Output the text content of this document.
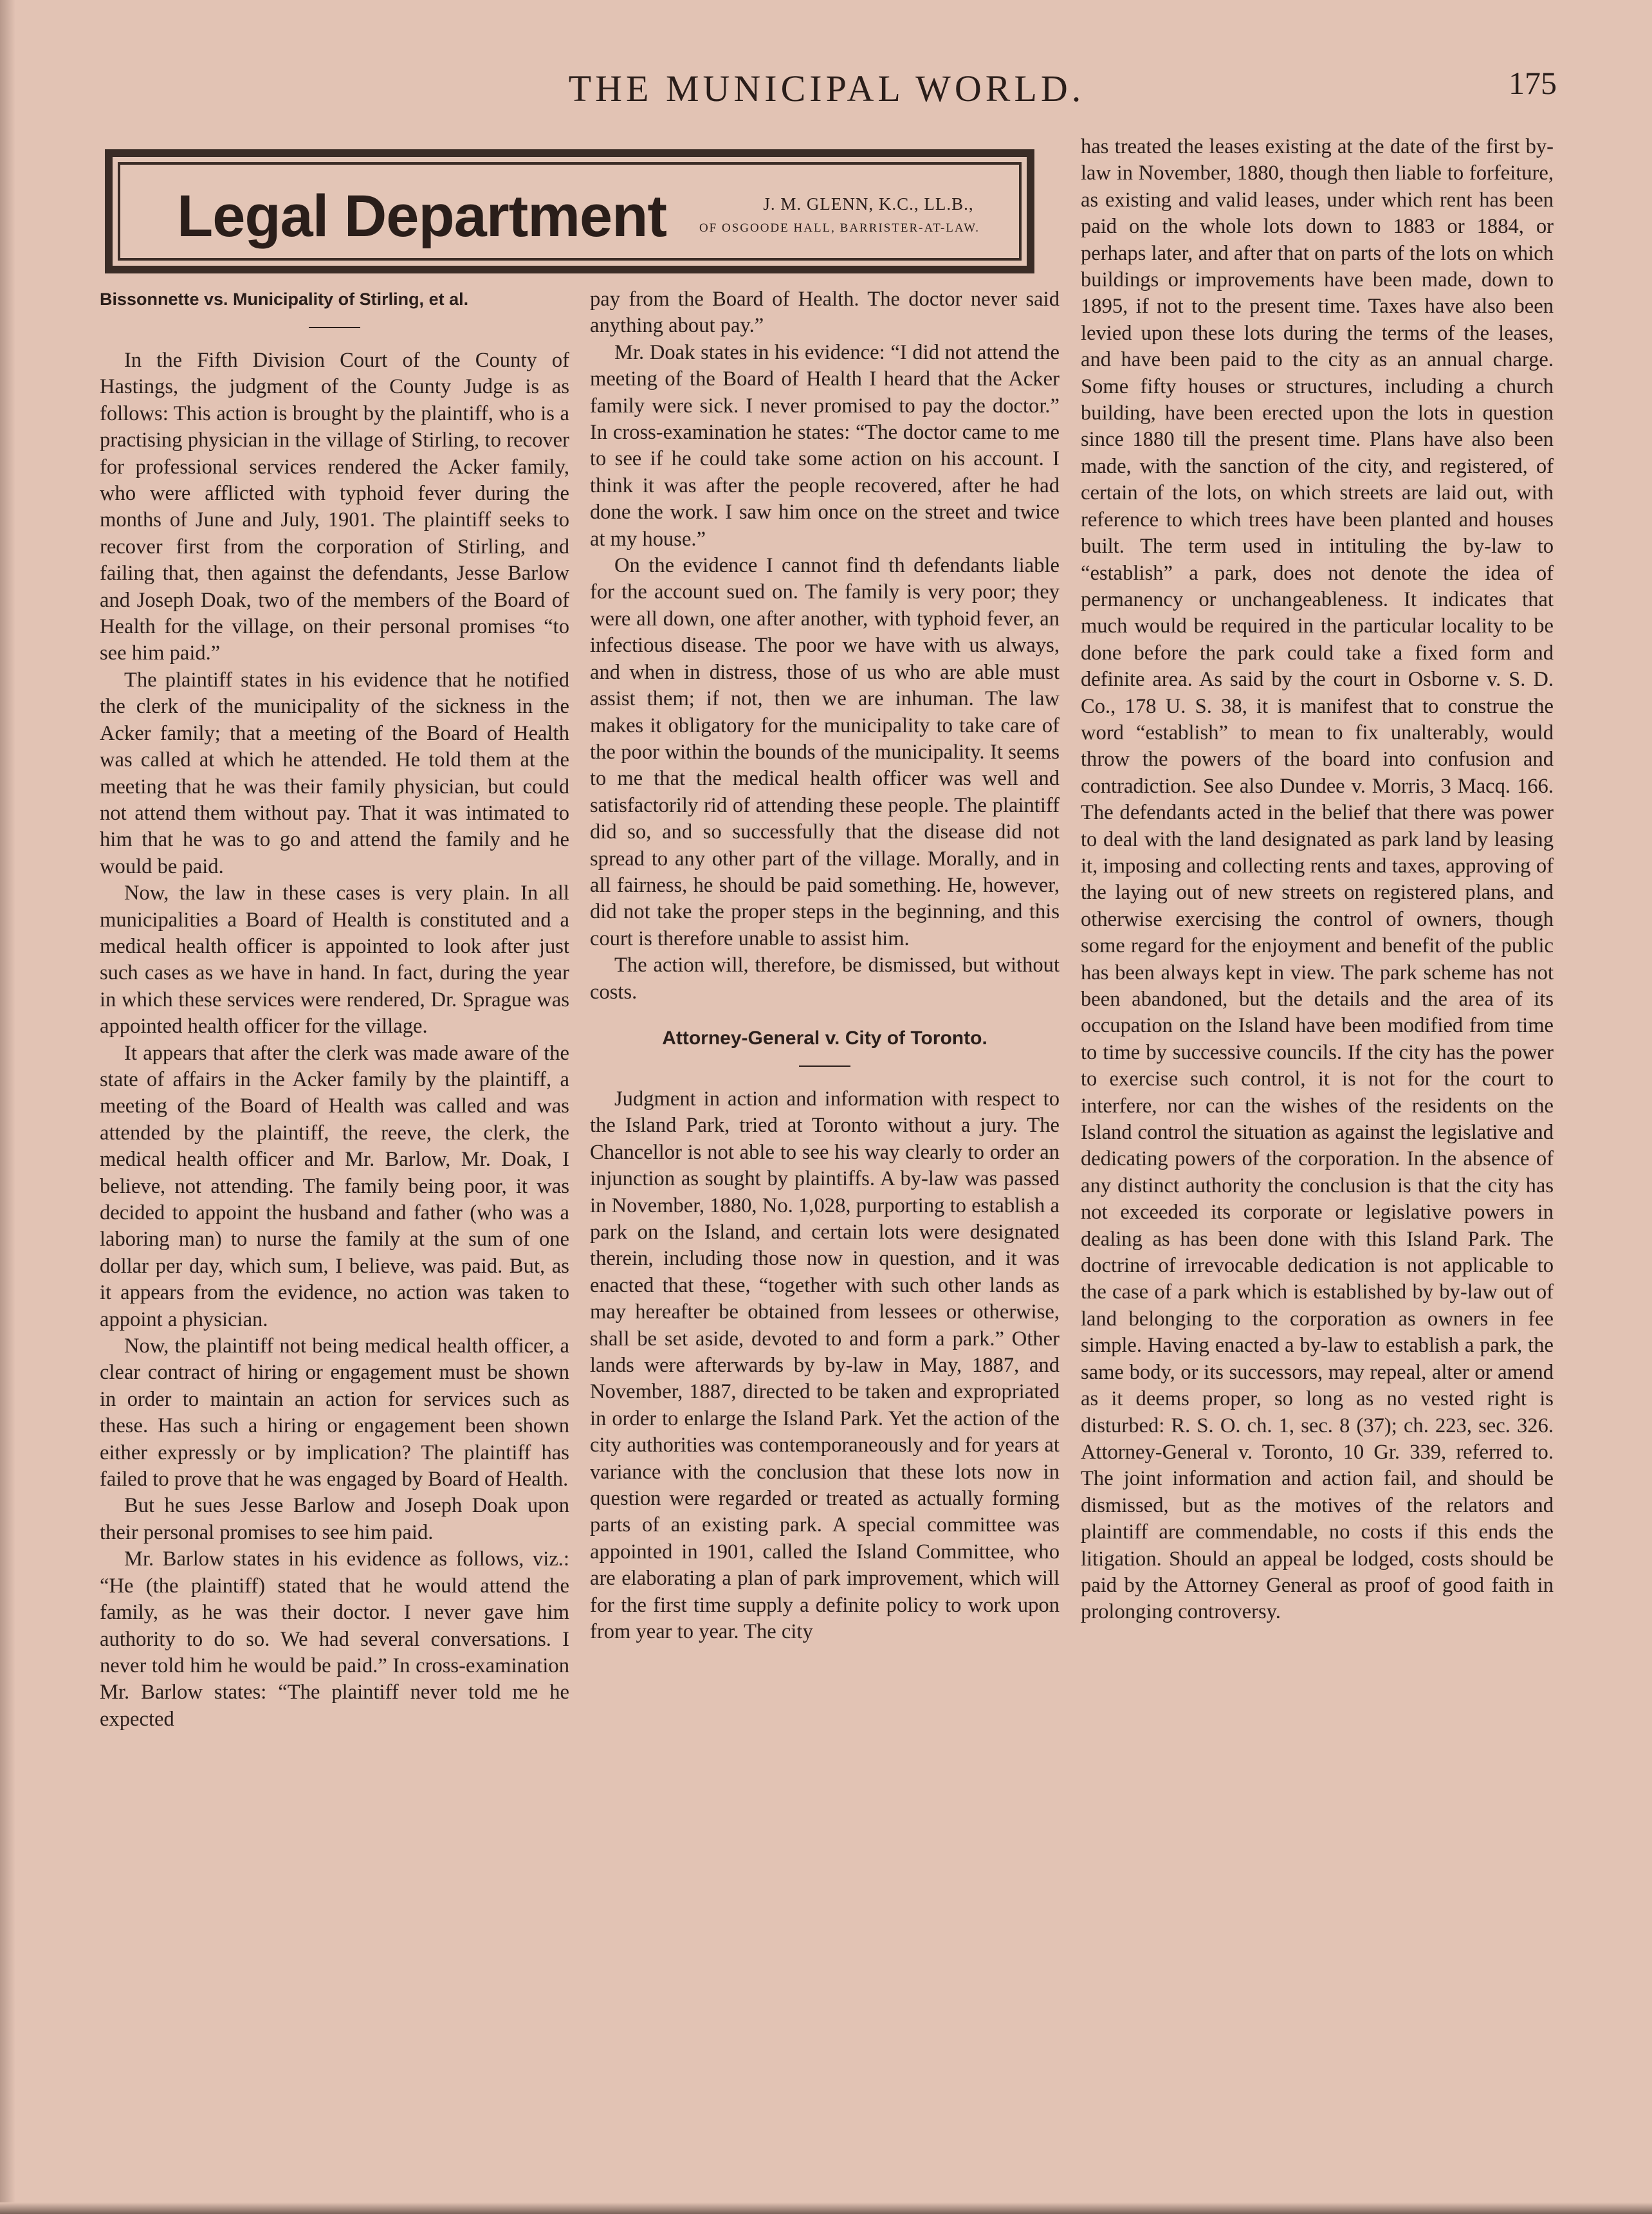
THE MUNICIPAL WORLD.	175
Legal Department	J. M. GLENN, K.C., LL.B.,
OF OSGOODE HALL, BARRISTER-AT-LAW.
Bissonnette vs. Municipality of Stirling, et al.

In the Fifth Division Court of the County of Hastings, the judgment of the County Judge is as follows: This action is brought by the plaintiff, who is a practising physician in the village of Stirling, to recover for professional services rendered the Acker family, who were afflicted with typhoid fever during the months of June and July, 1901. The plaintiff seeks to recover first from the corporation of Stirling, and failing that, then against the defendants, Jesse Barlow and Joseph Doak, two of the members of the Board of Health for the village, on their personal promises “to see him paid.”

The plaintiff states in his evidence that he notified the clerk of the municipality of the sickness in the Acker family; that a meeting of the Board of Health was called at which he attended. He told them at the meeting that he was their family physician, but could not attend them without pay. That it was intimated to him that he was to go and attend the family and he would be paid.

Now, the law in these cases is very plain. In all municipalities a Board of Health is constituted and a medical health officer is appointed to look after just such cases as we have in hand. In fact, during the year in which these services were rendered, Dr. Sprague was appointed health officer for the village.

It appears that after the clerk was made aware of the state of affairs in the Acker family by the plaintiff, a meeting of the Board of Health was called and was attended by the plaintiff, the reeve, the clerk, the medical health officer and Mr. Barlow, Mr. Doak, I believe, not attending. The family being poor, it was decided to appoint the husband and father (who was a laboring man) to nurse the family at the sum of one dollar per day, which sum, I believe, was paid. But, as it appears from the evidence, no action was taken to appoint a physician.

Now, the plaintiff not being medical health officer, a clear contract of hiring or engagement must be shown in order to maintain an action for services such as these. Has such a hiring or engagement been shown either expressly or by implication? The plaintiff has failed to prove that he was engaged by Board of Health.

But he sues Jesse Barlow and Joseph Doak upon their personal promises to see him paid.

Mr. Barlow states in his evidence as follows, viz.: “He (the plaintiff) stated that he would attend the family, as he was their doctor. I never gave him authority to do so. We had several conversations. I never told him he would be paid.” In cross-examination Mr. Barlow states: “The plaintiff never told me he expected

pay from the Board of Health. The doctor never said anything about pay.”

Mr. Doak states in his evidence: “I did not attend the meeting of the Board of Health I heard that the Acker family were sick. I never promised to pay the doctor.” In cross-examination he states: “The doctor came to me to see if he could take some action on his account. I think it was after the people recovered, after he had done the work. I saw him once on the street and twice at my house.”

On the evidence I cannot find th defendants liable for the account sued on. The family is very poor; they were all down, one after another, with typhoid fever, an infectious disease. The poor we have with us always, and when in distress, those of us who are able must assist them; if not, then we are inhuman. The law makes it obligatory for the municipality to take care of the poor within the bounds of the municipality. It seems to me that the medical health officer was well and satisfactorily rid of attending these people. The plaintiff did so, and so successfully that the disease did not spread to any other part of the village. Morally, and in all fairness, he should be paid something. He, however, did not take the proper steps in the beginning, and this court is therefore unable to assist him.

The action will, therefore, be dismissed, but without costs.

Attorney-General v. City of Toronto.

Judgment in action and information with respect to the Island Park, tried at Toronto without a jury. The Chancellor is not able to see his way clearly to order an injunction as sought by plaintiffs. A by-law was passed in November, 1880, No. 1,028, purporting to establish a park on the Island, and certain lots were designated therein, including those now in question, and it was enacted that these, “together with such other lands as may hereafter be obtained from lessees or otherwise, shall be set aside, devoted to and form a park.” Other lands were afterwards by by-law in May, 1887, and November, 1887, directed to be taken and expropriated in order to enlarge the Island Park. Yet the action of the city authorities was contemporaneously and for years at variance with the conclusion that these lots now in question were regarded or treated as actually forming parts of an existing park. A special committee was appointed in 1901, called the Island Committee, who are elaborating a plan of park improvement, which will for the first time supply a definite policy to work upon from year to year. The city

has treated the leases existing at the date of the first by-law in November, 1880, though then liable to forfeiture, as existing and valid leases, under which rent has been paid on the whole lots down to 1883 or 1884, or perhaps later, and after that on parts of the lots on which buildings or improvements have been made, down to 1895, if not to the present time. Taxes have also been levied upon these lots during the terms of the leases, and have been paid to the city as an annual charge. Some fifty houses or structures, including a church building, have been erected upon the lots in question since 1880 till the present time. Plans have also been made, with the sanction of the city, and registered, of certain of the lots, on which streets are laid out, with reference to which trees have been planted and houses built. The term used in intituling the by-law to “establish” a park, does not denote the idea of permanency or unchangeableness. It indicates that much would be required in the particular locality to be done before the park could take a fixed form and definite area. As said by the court in Osborne v. S. D. Co., 178 U. S. 38, it is manifest that to construe the word “establish” to mean to fix unalterably, would throw the powers of the board into confusion and contradiction. See also Dundee v. Morris, 3 Macq. 166. The defendants acted in the belief that there was power to deal with the land designated as park land by leasing it, imposing and collecting rents and taxes, approving of the laying out of new streets on registered plans, and otherwise exercising the control of owners, though some regard for the enjoyment and benefit of the public has been always kept in view. The park scheme has not been abandoned, but the details and the area of its occupation on the Island have been modified from time to time by successive councils. If the city has the power to exercise such control, it is not for the court to interfere, nor can the wishes of the residents on the Island control the situation as against the legislative and dedicating powers of the corporation. In the absence of any distinct authority the conclusion is that the city has not exceeded its corporate or legislative powers in dealing as has been done with this Island Park. The doctrine of irrevocable dedication is not applicable to the case of a park which is established by by-law out of land belonging to the corporation as owners in fee simple. Having enacted a by-law to establish a park, the same body, or its successors, may repeal, alter or amend as it deems proper, so long as no vested right is disturbed: R. S. O. ch. 1, sec. 8 (37); ch. 223, sec. 326. Attorney-General v. Toronto, 10 Gr. 339, referred to. The joint information and action fail, and should be dismissed, but as the motives of the relators and plaintiff are commendable, no costs if this ends the litigation. Should an appeal be lodged, costs should be paid by the Attorney General as proof of good faith in prolonging controversy.
